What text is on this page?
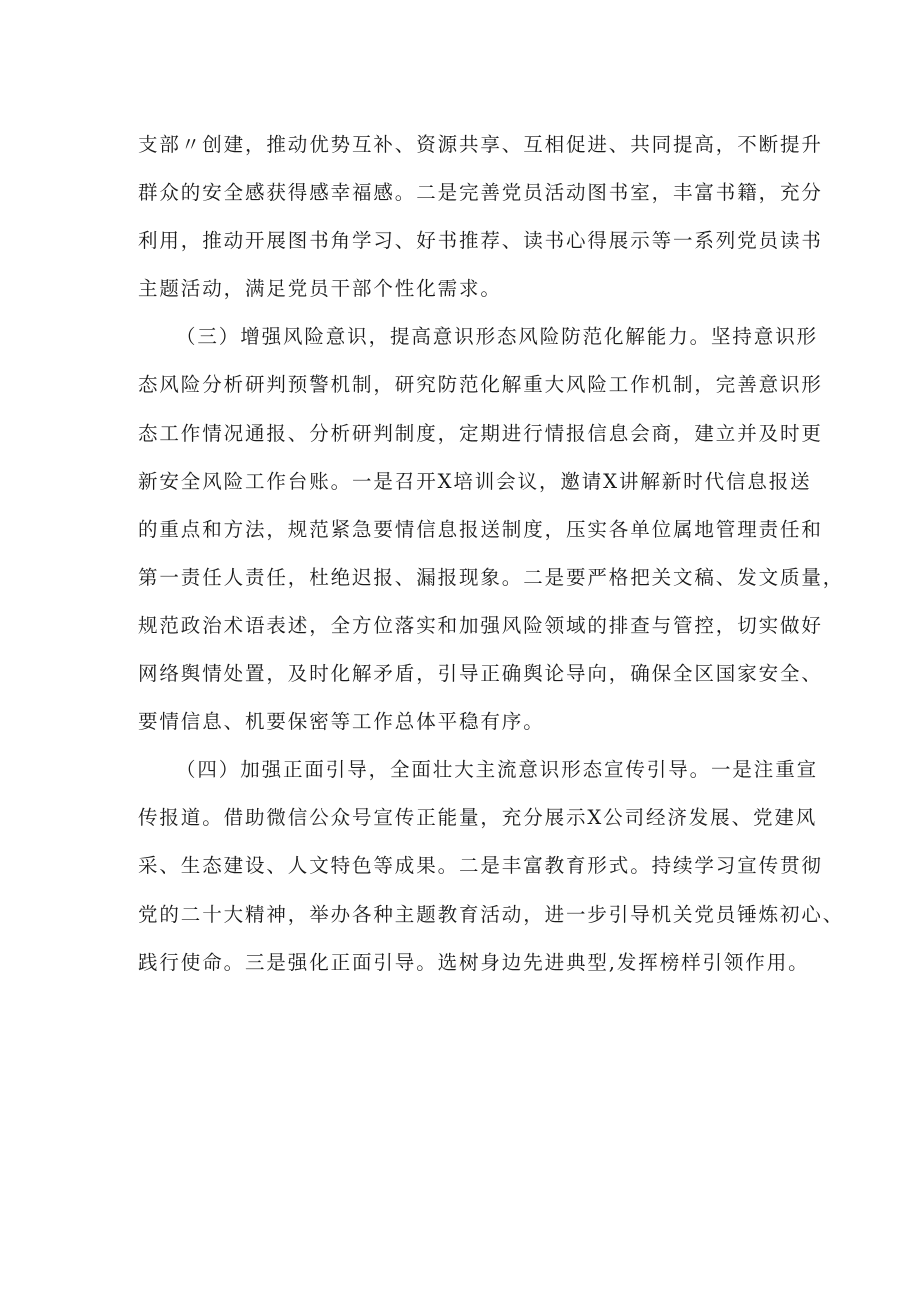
支部〃创建，推动优势互补、资源共享、互相促进、共同提高，不断提升
群众的安全感获得感幸福感。二是完善党员活动图书室，丰富书籍，充分
利用，推动开展图书角学习、好书推荐、读书心得展示等一系列党员读书
主题活动，满足党员干部个性化需求。
（三）增强风险意识，提高意识形态风险防范化解能力。坚持意识形
态风险分析研判预警机制，研究防范化解重大风险工作机制，完善意识形
态工作情况通报、分析研判制度，定期进行情报信息会商，建立并及时更
新安全风险工作台账。一是召开X培训会议，邀请X讲解新时代信息报送
的重点和方法，规范紧急要情信息报送制度，压实各单位属地管理责任和
第一责任人责任，杜绝迟报、漏报现象。二是要严格把关文稿、发文质量，
规范政治术语表述，全方位落实和加强风险领域的排查与管控，切实做好
网络舆情处置，及时化解矛盾，引导正确舆论导向，确保全区国家安全、
要情信息、机要保密等工作总体平稳有序。
（四）加强正面引导，全面壮大主流意识形态宣传引导。一是注重宣
传报道。借助微信公众号宣传正能量，充分展示X公司经济发展、党建风
采、生态建设、人文特色等成果。二是丰富教育形式。持续学习宣传贯彻
党的二十大精神，举办各种主题教育活动，进一步引导机关党员锤炼初心、
践行使命。三是强化正面引导。选树身边先进典型,发挥榜样引领作用。
